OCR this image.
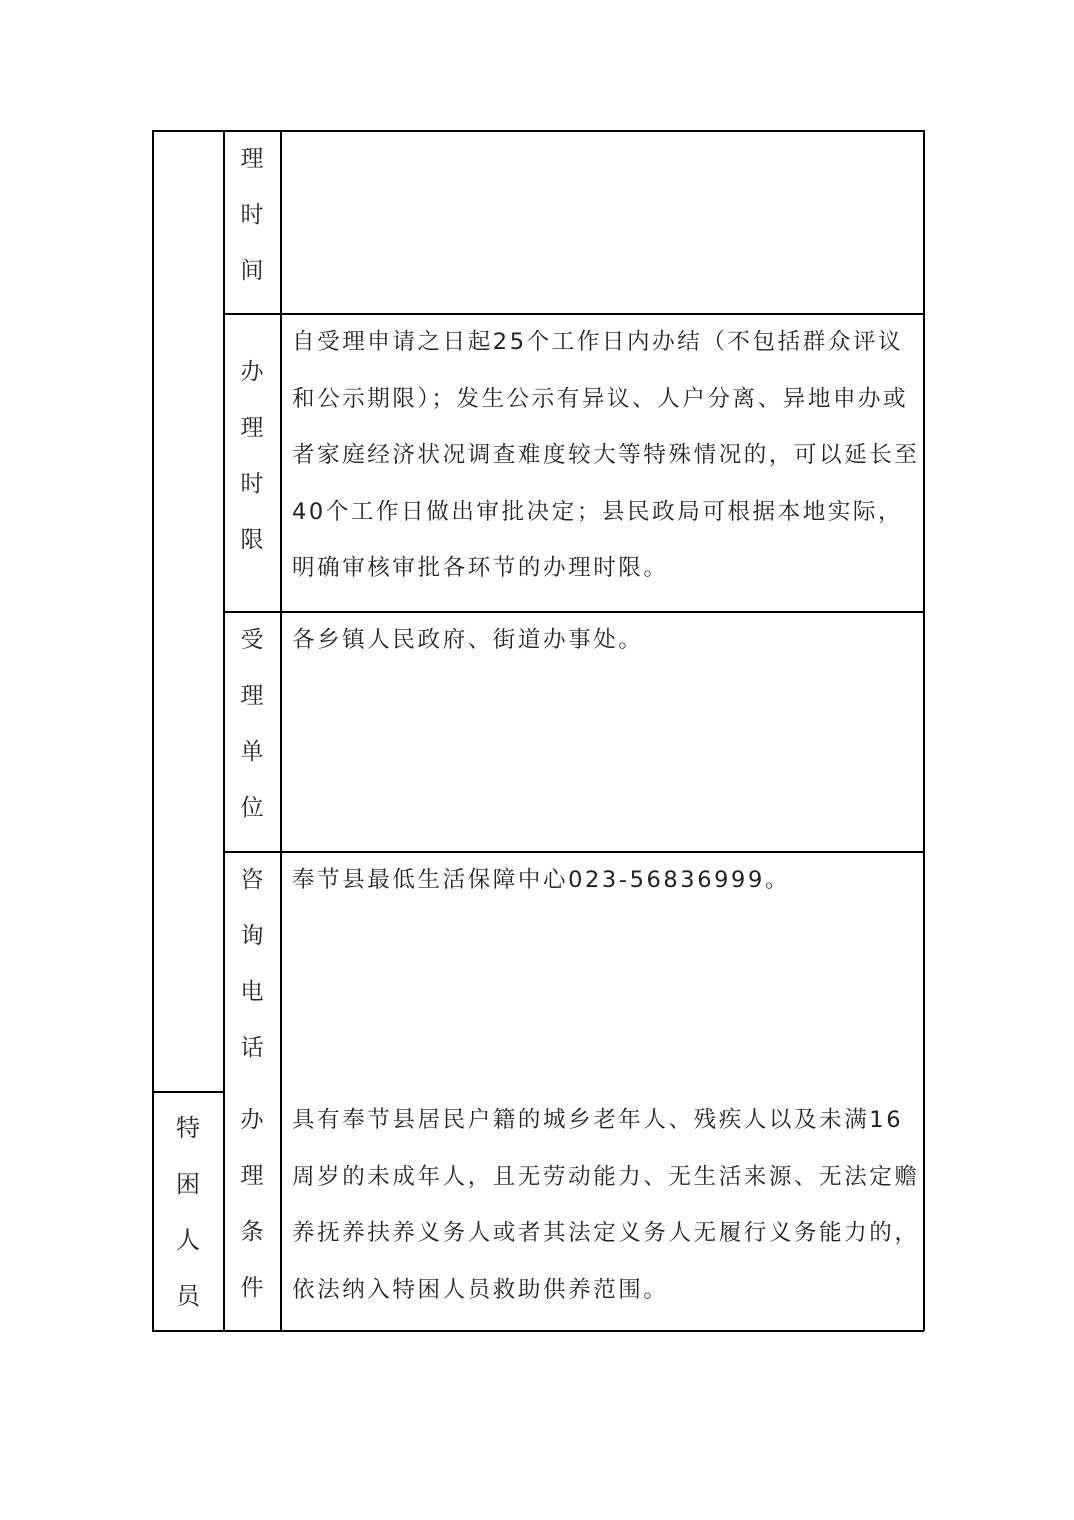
特
困
人
员
理
时
间
办
理
时
限
自受理申请之日起25个工作日内办结（不包括群众评议
和公示期限）；发生公示有异议、人户分离、异地申办或
者家庭经济状况调查难度较大等特殊情况的，可以延长至
40个工作日做出审批决定；县民政局可根据本地实际，
明确审核审批各环节的办理时限。
受
理
单
位
各乡镇人民政府、街道办事处。
咨
询
电
话
奉节县最低生活保障中心023-56836999。
办
理
条
件
具有奉节县居民户籍的城乡老年人、残疾人以及未满16
周岁的未成年人，且无劳动能力、无生活来源、无法定赡
养抚养扶养义务人或者其法定义务人无履行义务能力的，
依法纳入特困人员救助供养范围。
